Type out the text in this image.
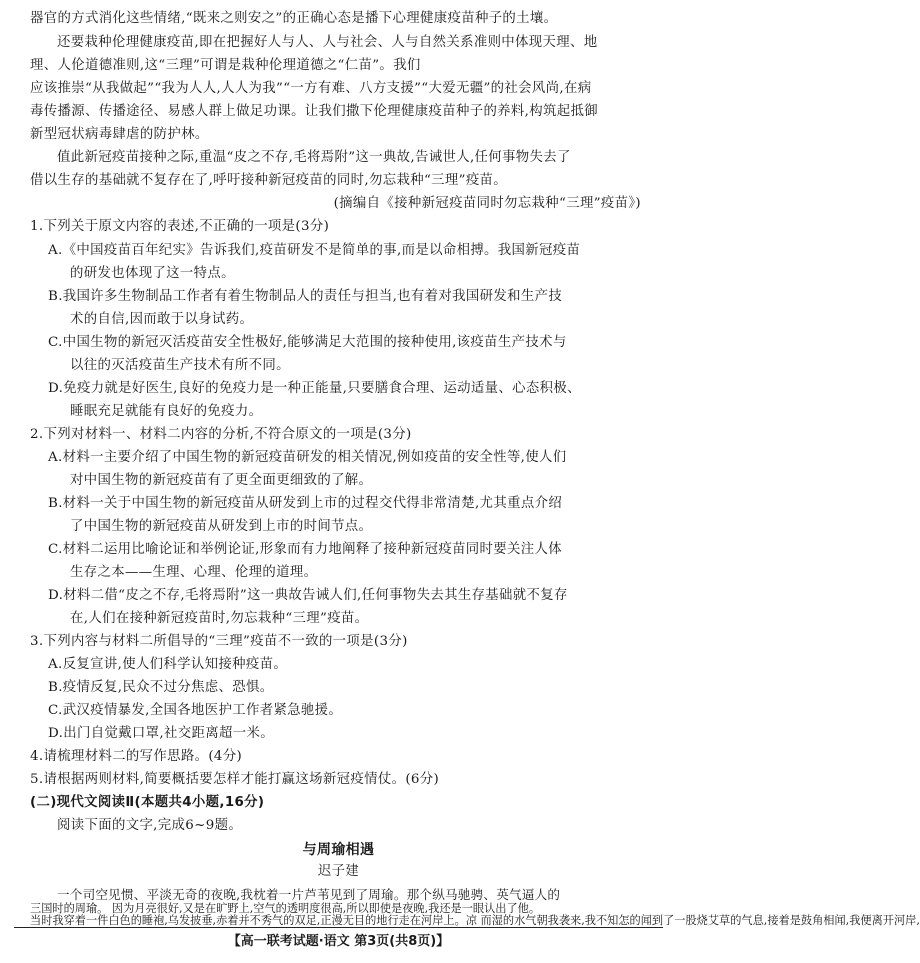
器官的方式消化这些情绪,“既来之则安之”的正确心态是播下心理健康疫苗种子的土壤。
还要栽种伦理健康疫苗,即在把握好人与人、人与社会、人与自然关系准则中体现天理、地
理、人伦道德准则,这“三理”可谓是栽种伦理道德之“仁苗”。我们
应该推崇“从我做起”“我为人人,人人为我”“一方有难、八方支援”“大爱无疆”的社会风尚,在病
毒传播源、传播途径、易感人群上做足功课。让我们撒下伦理健康疫苗种子的养料,构筑起抵御
新型冠状病毒肆虐的防护林。
值此新冠疫苗接种之际,重温“皮之不存,毛将焉附”这一典故,告诫世人,任何事物失去了
借以生存的基础就不复存在了,呼吁接种新冠疫苗的同时,勿忘栽种“三理”疫苗。
(摘编自《接种新冠疫苗同时勿忘栽种“三理”疫苗》)
1.下列关于原文内容的表述,不正确的一项是(3分)
A.《中国疫苗百年纪实》告诉我们,疫苗研发不是简单的事,而是以命相搏。我国新冠疫苗
的研发也体现了这一特点。
B.我国许多生物制品工作者有着生物制品人的责任与担当,也有着对我国研发和生产技
术的自信,因而敢于以身试药。
C.中国生物的新冠灭活疫苗安全性极好,能够满足大范围的接种使用,该疫苗生产技术与
以往的灭活疫苗生产技术有所不同。
D.免疫力就是好医生,良好的免疫力是一种正能量,只要膳食合理、运动适量、心态积极、
睡眠充足就能有良好的免疫力。
2.下列对材料一、材料二内容的分析,不符合原文的一项是(3分)
A.材料一主要介绍了中国生物的新冠疫苗研发的相关情况,例如疫苗的安全性等,使人们
对中国生物的新冠疫苗有了更全面更细致的了解。
B.材料一关于中国生物的新冠疫苗从研发到上市的过程交代得非常清楚,尤其重点介绍
了中国生物的新冠疫苗从研发到上市的时间节点。
C.材料二运用比喻论证和举例论证,形象而有力地阐释了接种新冠疫苗同时要关注人体
生存之本——生理、心理、伦理的道理。
D.材料二借“皮之不存,毛将焉附”这一典故告诫人们,任何事物失去其生存基础就不复存
在,人们在接种新冠疫苗时,勿忘栽种“三理”疫苗。
3.下列内容与材料二所倡导的“三理”疫苗不一致的一项是(3分)
A.反复宣讲,使人们科学认知接种疫苗。
B.疫情反复,民众不过分焦虑、恐惧。
C.武汉疫情暴发,全国各地医护工作者紧急驰援。
D.出门自觉戴口罩,社交距离超一米。
4.请梳理材料二的写作思路。(4分)
5.请根据两则材料,简要概括要怎样才能打赢这场新冠疫情仗。(6分)
(二)现代文阅读Ⅱ(本题共4小题,16分)
阅读下面的文字,完成6~9题。
与周瑜相遇
迟子建
一个司空见惯、平淡无奇的夜晚,我枕着一片芦苇见到了周瑜。那个纵马驰骋、英气逼人的
【高一联考试题·语文 第3页(共8页)】
三国时的周瑜。 因为月亮很好,又是在旷野上,空气的透明度很高,所以即使是夜晚,我还是一眼认出了他。
当时我穿着一件白色的睡袍,乌发披垂,赤着并不秀气的双足,正漫无目的地行走在河岸上。凉 而湿的水气朝我袭来,我不知怎的闻到了一股烧艾草的气息,接着是鼓角相闻,我便离开河岸,
